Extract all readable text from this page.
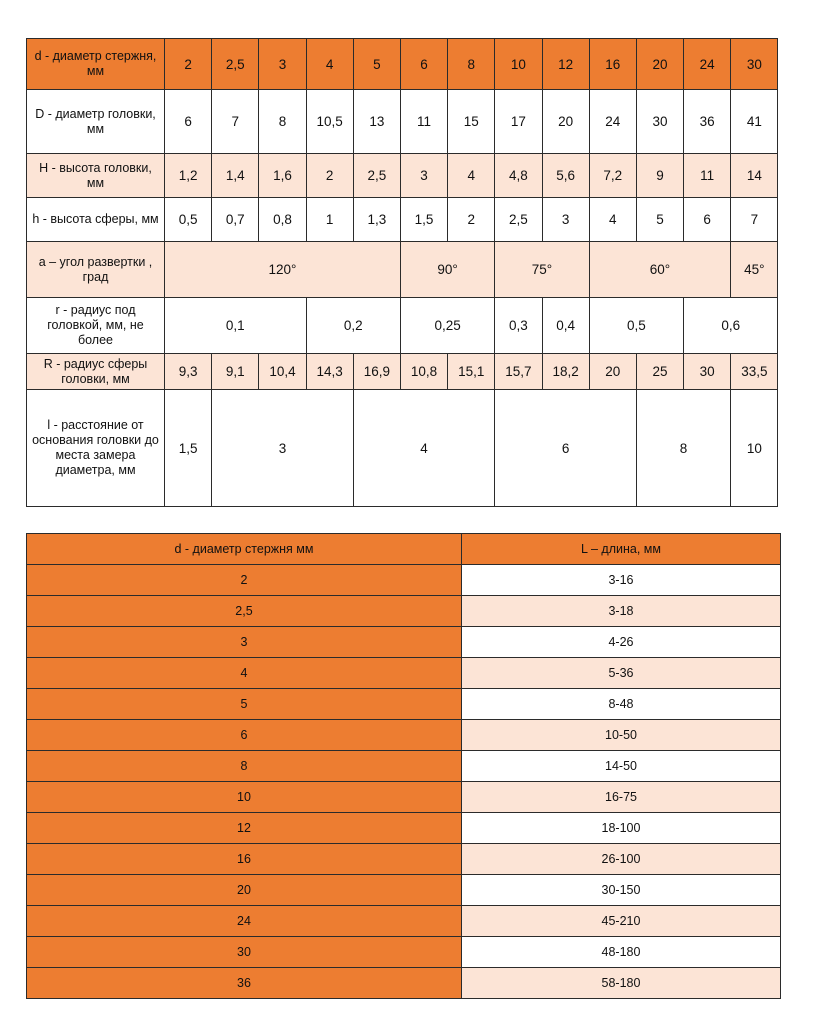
d - диаметр стержня, мм	2	2,5	3	4	5	6	8	10	12	16	20	24	30
D - диаметр головки, мм	6	7	8	10,5	13	11	15	17	20	24	30	36	41
H - высота головки, мм	1,2	1,4	1,6	2	2,5	3	4	4,8	5,6	7,2	9	11	14
h - высота сферы, мм	0,5	0,7	0,8	1	1,3	1,5	2	2,5	3	4	5	6	7
a – угол развертки , град	120°					90°		75°		60°			45°
r - радиус под головкой, мм, не более	0,1			0,2		0,25		0,3	0,4	0,5		0,6	
R - радиус сферы головки, мм	9,3	9,1	10,4	14,3	16,9	10,8	15,1	15,7	18,2	20	25	30	33,5
l - расстояние от основания головки до места замера диаметра, мм	1,5	3			4			6			8		10
d - диаметр стержня мм	L – длина, мм
2	3-16
2,5	3-18
3	4-26
4	5-36
5	8-48
6	10-50
8	14-50
10	16-75
12	18-100
16	26-100
20	30-150
24	45-210
30	48-180
36	58-180
